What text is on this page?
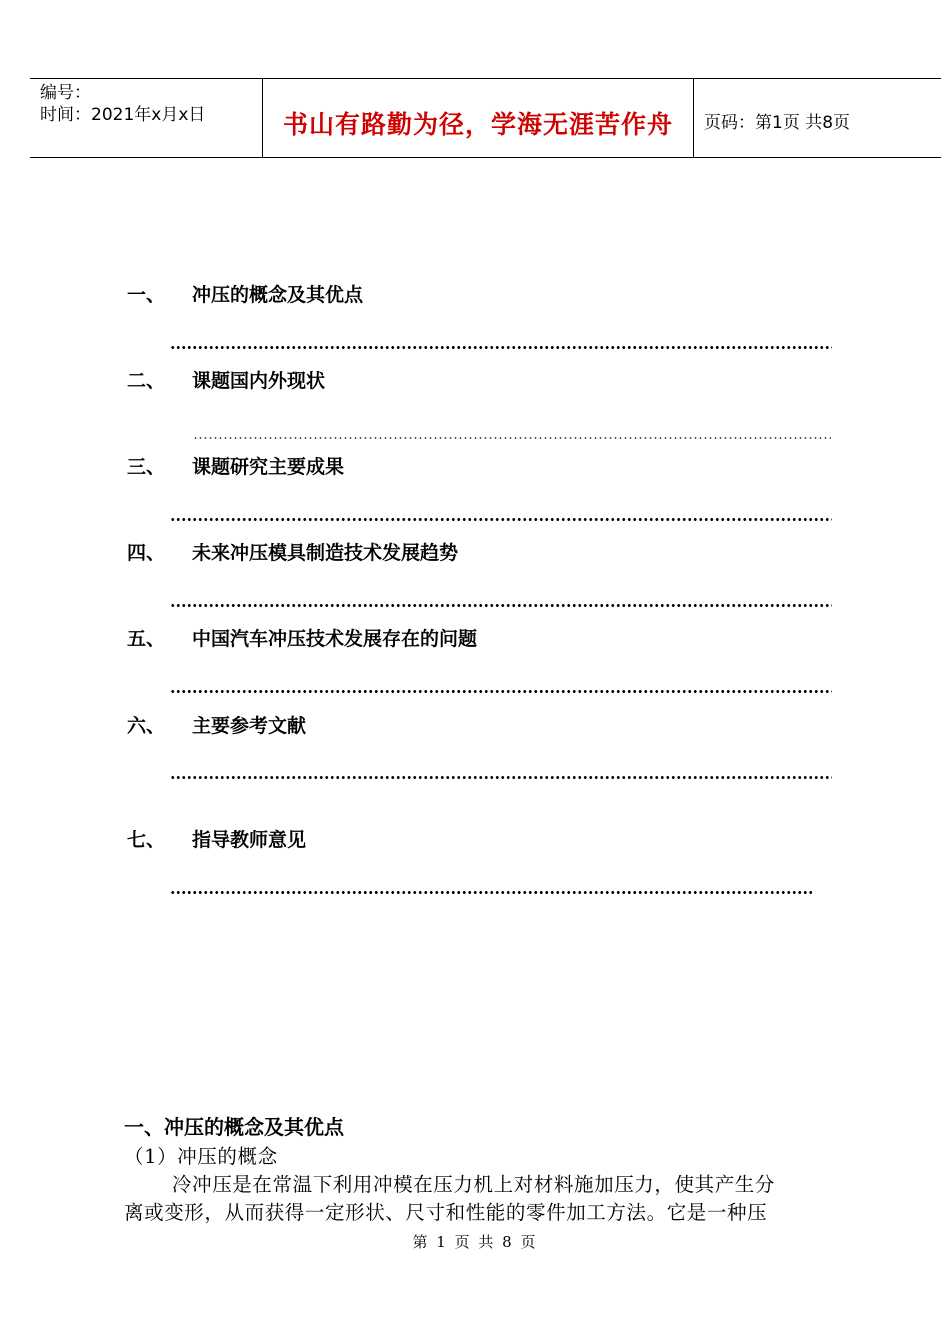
编号：
时间：2021年x月x日	书山有路勤为径，学海无涯苦作舟	页码：第1页 共8页
一、 冲压的概念及其优点
二、 课题国内外现状
三、 课题研究主要成果
四、 未来冲压模具制造技术发展趋势
五、 中国汽车冲压技术发展存在的问题
六、 主要参考文献
七、 指导教师意见
一、冲压的概念及其优点
（1）冲压的概念
冷冲压是在常温下利用冲模在压力机上对材料施加压力，使其产生分
离或变形，从而获得一定形状、尺寸和性能的零件加工方法。它是一种压
第 1 页 共 8 页
